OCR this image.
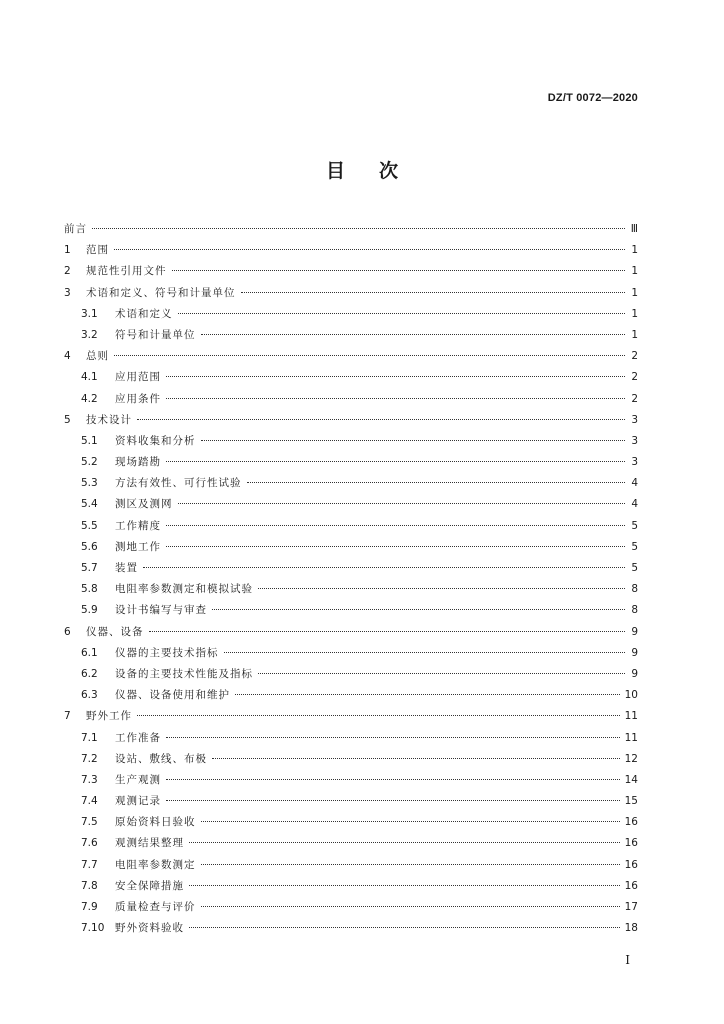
DZ/T 0072—2020
目 次
前言	Ⅲ
1	范围	1
2	规范性引用文件	1
3	术语和定义、符号和计量单位	1
3.1	术语和定义	1
3.2	符号和计量单位	1
4	总则	2
4.1	应用范围	2
4.2	应用条件	2
5	技术设计	3
5.1	资料收集和分析	3
5.2	现场踏勘	3
5.3	方法有效性、可行性试验	4
5.4	测区及测网	4
5.5	工作精度	5
5.6	测地工作	5
5.7	装置	5
5.8	电阻率参数测定和模拟试验	8
5.9	设计书编写与审查	8
6	仪器、设备	9
6.1	仪器的主要技术指标	9
6.2	设备的主要技术性能及指标	9
6.3	仪器、设备使用和维护	10
7	野外工作	11
7.1	工作准备	11
7.2	设站、敷线、布极	12
7.3	生产观测	14
7.4	观测记录	15
7.5	原始资料日验收	16
7.6	观测结果整理	16
7.7	电阻率参数测定	16
7.8	安全保障措施	16
7.9	质量检查与评价	17
7.10	野外资料验收	18
I
